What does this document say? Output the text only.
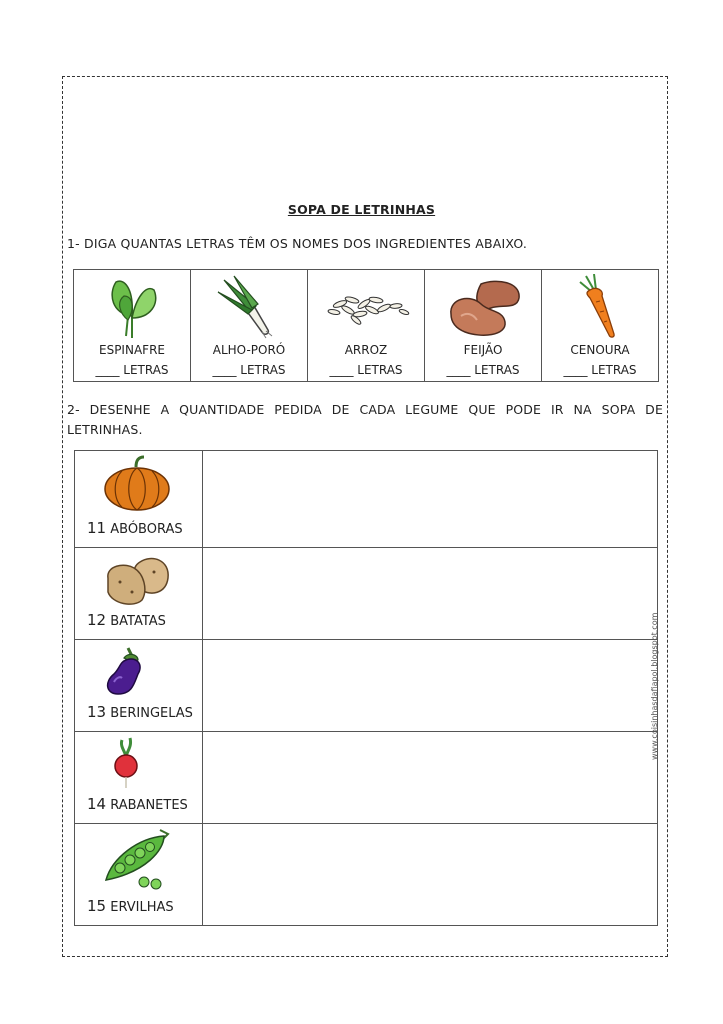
SOPA DE LETRINHAS
1- DIGA QUANTAS LETRAS TÊM OS NOMES DOS INGREDIENTES ABAIXO.
ESPINAFRE
____ LETRAS
ALHO-PORÓ
____ LETRAS
ARROZ
____ LETRAS
FEIJÃO
____ LETRAS
CENOURA
____ LETRAS
2- DESENHE A QUANTIDADE PEDIDA DE CADA LEGUME QUE PODE IR NA SOPA DE LETRINHAS.
11 ABÓBORAS
12 BATATAS
13 BERINGELAS
14 RABANETES
15 ERVILHAS
www.coisinhasdafiapol.blogspot.com
